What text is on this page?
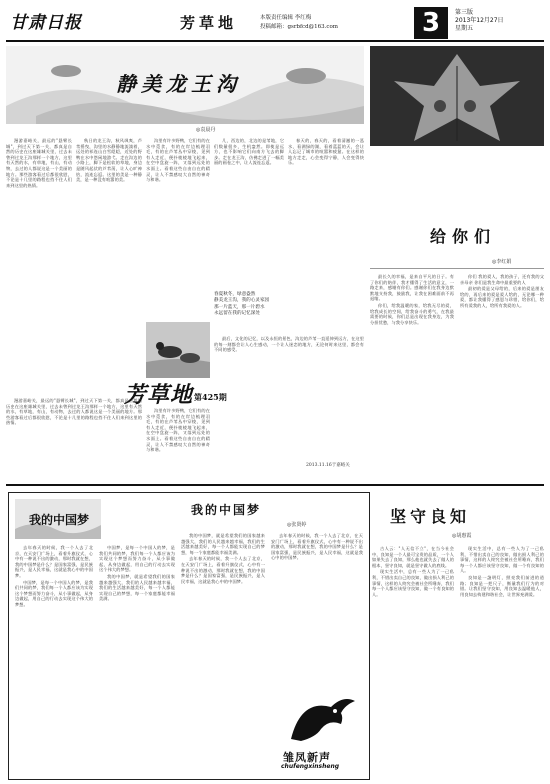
甘肃日报	芳草地	本版责任编辑 李红梅
投稿邮箱：gsrbfcd@163.com	3	第三版
2013年12月27日
星期五
静美龙王沟
◎袁晨丹

漫游嘉峪关，最远的"悬臂长城"，到过天下第一关，都真是自然的历史在这座雄城关里，过去未曾到过龙王沟那样一个地方，这里有天然的水，有草地，有山，有动物，去过的人都说这是一个美丽的地方。那些游客看过后都很欣慰，不论是十几里的路程也挡不住人们来到这里的热情。

秋日的龙王沟，秋风飒爽，芦苇摇曳，沟里的水静静地流淌着，远处的祁连山白雪皑皑，近处的野鸭在水中悠闲地游弋。走在沟边的小路上，脚下是松软的草地，身边是随风起伏的芦苇荡，让人心旷神怡，流连忘返。这里的美是一种静美，是一种没有喧嚣的美。

沟里有许多野鸭，它们有的在水中觅食，有的在岸边梳理羽毛，有的在芦苇丛中穿梭，见到有人走近，便扑棱棱地飞起来，在空中盘旋一阵，又落到远处的水面上。看着这些自由自在的精灵，让人不禁感叹大自然的神奇与和谐。

几，西边的，北边的是苇地，它们数量很多，生机盎然。即使是远方，也不影响它们向南方飞去的脚步。走在龙王沟，仿佛走进了一幅美丽的画卷之中，让人流连忘返。

春天的，春天的，看着清澈的一泓水，看满绿的湖，看着蓝蓝的天，会让人忘记了城市的喧嚣和疲惫。在这样的地方走走，心会变得宁静，人会变得快乐。

春夏秋冬，绿意盎然
静美龙王沟，我的心灵家园
那一片蓝天，那一片碧水
永远留在我的记忆深处

最后，文化的记忆，以及永恒的景色，沟边的芦苇一直延伸到远方，在这里的每一刻都会让人心生感动，一个让人迷恋的地方，无论何时来这里，都会有不同的感受。

2013.11.16于嘉峪关
芳草地 第425期

漫游嘉峪关，最远的"悬臂长城"，到过天下第一关，都真是自然的历史在这座雄城关里，过去未曾到过龙王沟那样一个地方，这里有天然的水，有草地，有山，有动物，去过的人都说这是一个美丽的地方。那些游客看过后都很欣慰，不论是十几里的路程也挡不住人们来到这里的热情。

沟里有许多野鸭，它们有的在水中觅食，有的在岸边梳理羽毛，有的在芦苇丛中穿梭，见到有人走近，便扑棱棱地飞起来，在空中盘旋一阵，又落到远处的水面上。看着这些自由自在的精灵，让人不禁感叹大自然的神奇与和谐。

给你们
◎李红娟

最长久的幸福，是来自平凡的日子。有了你们的陪伴，我才懂得了生活的意义，一路走来，感谢有你们。感谢你们在我身边默默地支持我，鼓励我，让我在困难面前不再退缩。

你们，给我温暖的家，给我无尽的爱，给我成长的空间，给我奋斗的勇气，在我最需要的时候，你们总是出现在我身边，为我分担忧愁，与我分享快乐。

你们 我的爱人，我的孩子，还有我的父亲母亲 你们是我生命中最重要的人

最初的爱是父母给的，后来的爱是朋友给的，再后来的爱是爱人给的，无论哪一种爱，都让我懂得了感恩与珍惜，给你们，给所有爱我的人，给所有我爱的人。

我的中国梦
我的中国梦
◎张贤婷

去年春天的时候，我一个人去了北京，在天安门广场上，看着升旗仪式，心中有一种说不出的激动，那时我就在想，我的中国梦是什么？是国家富强，是民族振兴，是人民幸福，这就是我心中的中国梦。

中国梦，是每一个中国人的梦，是我们共同的梦，我们每一个人都应该为实现这个梦想而努力奋斗，从小事做起，从身边做起，用自己的行动去实现这个伟大的梦想。

中国梦，是每一个中国人的梦，是我们共同的梦，我们每一个人都应该为实现这个梦想而努力奋斗，从小事做起，从身边做起，用自己的行动去实现这个伟大的梦想。

我的中国梦，就是希望我们的国家越来越强大，我们的人民越来越幸福，我们的生活越来越美好，每一个人都能实现自己的梦想，每一个家庭都能幸福美满。

我的中国梦，就是希望我们的国家越来越强大，我们的人民越来越幸福，我们的生活越来越美好，每一个人都能实现自己的梦想，每一个家庭都能幸福美满。

去年春天的时候，我一个人去了北京，在天安门广场上，看着升旗仪式，心中有一种说不出的激动，那时我就在想，我的中国梦是什么？是国家富强，是民族振兴，是人民幸福，这就是我心中的中国梦。

去年春天的时候，我一个人去了北京，在天安门广场上，看着升旗仪式，心中有一种说不出的激动，那时我就在想，我的中国梦是什么？是国家富强，是民族振兴，是人民幸福，这就是我心中的中国梦。

雏凤新声
chufengxinsheng
坚守良知
◎胡惠霞

古人云："人无信不立"，在当今社会中，良知是一个人最可宝贵的品质，一个人如果失去了良知，那么他也就失去了做人的根本，坚守良知，就是坚守做人的底线。

现实生活中，总有一些人为了一己私利，不惜出卖自己的良知，做出损人利己的事情，这样的人终究会被社会所唾弃，我们每一个人都应该坚守良知，做一个有良知的人。

现实生活中，总有一些人为了一己私利，不惜出卖自己的良知，做出损人利己的事情，这样的人终究会被社会所唾弃，我们每一个人都应该坚守良知，做一个有良知的人。

良知是一盏明灯，照亮我们前进的道路；良知是一把尺子，衡量我们行为的对错。让我们坚守良知，用良知去温暖他人，用良知去构建和谐社会，让世界充满爱。
